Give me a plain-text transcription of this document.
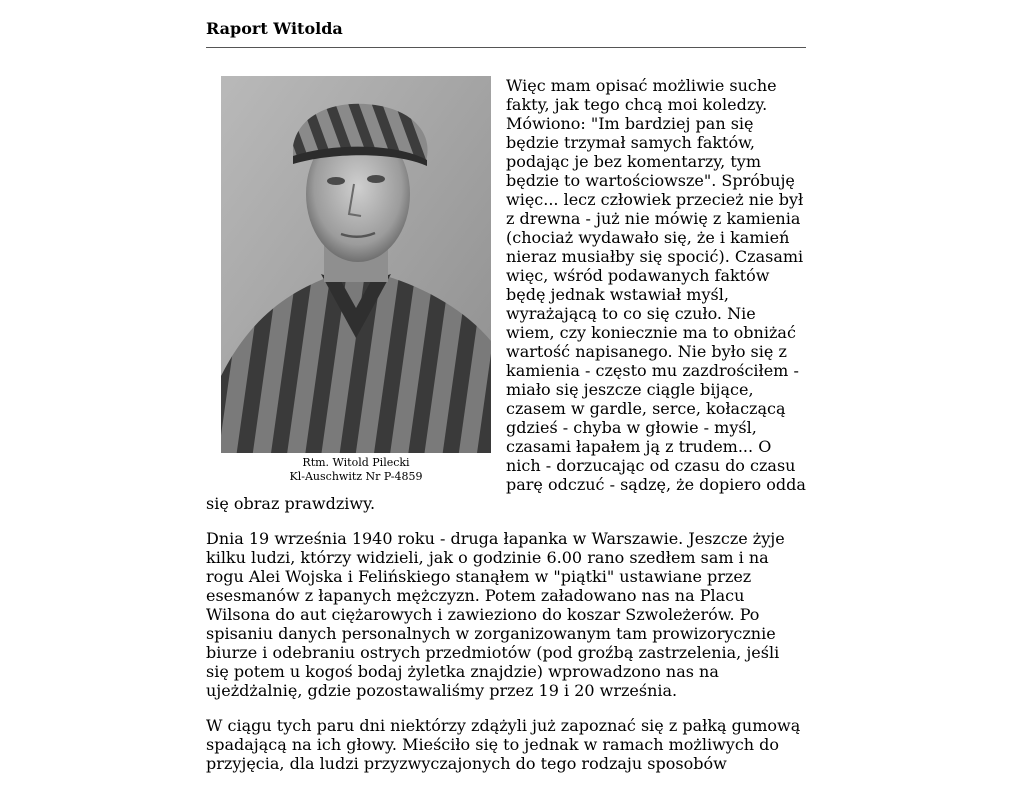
Raport Witolda
Rtm. Witold Pilecki
Kl-Auschwitz Nr P-4859

Więc mam opisać możliwie suche fakty, jak tego chcą moi koledzy. Mówiono: "Im bardziej pan się będzie trzymał samych faktów, podając je bez komentarzy, tym będzie to wartościowsze". Spróbuję więc... lecz człowiek przecież nie był z drewna - już nie mówię z kamienia (chociaż wydawało się, że i kamień nieraz musiałby się spocić). Czasami więc, wśród podawanych faktów będę jednak wstawiał myśl, wyrażającą to co się czuło. Nie wiem, czy koniecznie ma to obniżać wartość napisanego. Nie było się z kamienia - często mu zazdrościłem - miało się jeszcze ciągle bijące, czasem w gardle, serce, kołaczącą gdzieś - chyba w głowie - myśl, czasami łapałem ją z trudem... O nich - dorzucając od czasu do czasu parę odczuć - sądzę, że dopiero odda się obraz prawdziwy.

Dnia 19 września 1940 roku - druga łapanka w Warszawie. Jeszcze żyje kilku ludzi, którzy widzieli, jak o godzinie 6.00 rano szedłem sam i na rogu Alei Wojska i Felińskiego stanąłem w "piątki" ustawiane przez esesmanów z łapanych mężczyzn. Potem załadowano nas na Placu Wilsona do aut ciężarowych i zawieziono do koszar Szwoleżerów. Po spisaniu danych personalnych w zorganizowanym tam prowizorycznie biurze i odebraniu ostrych przedmiotów (pod groźbą zastrzelenia, jeśli się potem u kogoś bodaj żyletka znajdzie) wprowadzono nas na ujeżdżalnię, gdzie pozostawaliśmy przez 19 i 20 września.

W ciągu tych paru dni niektórzy zdążyli już zapoznać się z pałką gumową spadającą na ich głowy. Mieściło się to jednak w ramach możliwych do przyjęcia, dla ludzi przyzwyczajonych do tego rodzaju sposobów
